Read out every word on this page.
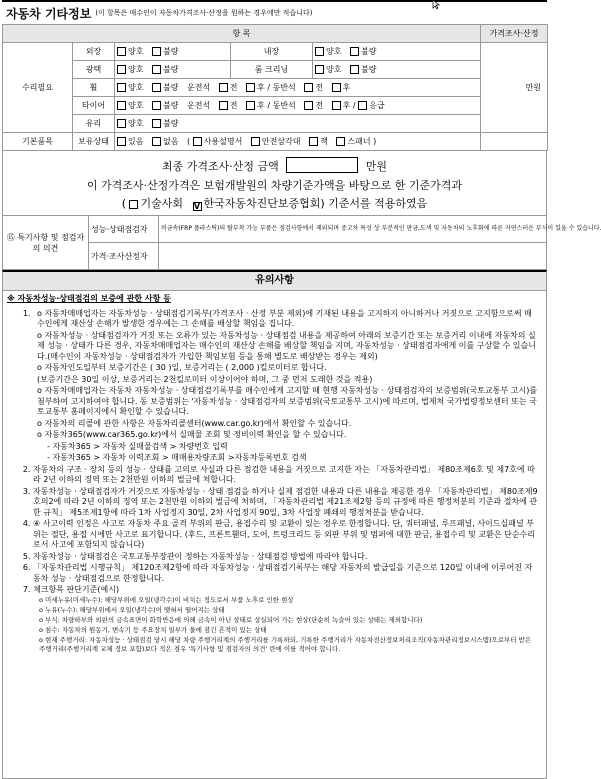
자동차 기타정보 (이 항목은 매수인이 자동차가격조사·산정을 원하는 경우에만 적습니다)
항 목					가격조사·산정
수리필요	외장	양호 불량	내장	양호 불량	만원
	광택	양호 불량	룸 크리닝	양호 불량	
	휠	양호 불량 운전석 전 후 / 동반석 전 후			
	타이어	양호 불량 운전석 전 후 / 동반석 전 후 / 응급			
	유리	양호 불량			
기본품목	보유상태	있음 없음 ( 사용설명서 안전삼각대 잭 스패너 )			
최종 가격조사·산정 금액	만원
이 가격조사·산정가격은 보험개발원의 차량기준가액을 바탕으로 한 기준가격과
( 기술사회 V 한국자동차진단보증협회) 기준서를 적용하였음
⑮ 특기사항 및 점검자의 의견	성능·상태점검자	비금속(FRP 플라스틱)의 탈부착 가능 부품은 점검사항에서 제외되며 중고차 특성 상 부분적인 판금,도색 및 자동차의 노후화에 따른 자연스러운 부식이 있을 수 있습니다.
	가격·조사산정자	
유의사항
※ 자동차성능·상태점검의 보증에 관한 사항 등
o 1. 자동차매매업자는 자동차성능 · 상태점검기록부(가격조사 · 산정 부분 제외)에 기재된 내용을 고지하지 아니하거나 거짓으로 고지함으로써 매수인에게 재산상 손해가 발생한 경우에는 그 손해를 배상할 책임을 집니다.
o 자동차성능 · 상태점검자가 거짓 또는 오류가 있는 자동차성능 · 상태점검 내용을 제공하여 아래의 보증기간 또는 보증거리 이내에 자동차의 실제 성능 · 상태가 다른 경우, 자동차매매업자는 매수인의 재산상 손해를 배상할 책임을 지며, 자동차성능 · 상태점검자에게 이를 구상할 수 있습니다.(매수인이 자동차성능 · 상태점검자가 가입한 책임보험 등을 통해 별도로 배상받는 경우는 제외)
o 자동차인도일부터 보증기간은 ( 30 )일, 보증거리는 ( 2,000 )킬로미터로 합니다.
(보증기간은 30일 이상, 보증거리는 2천킬로미터 이상이어야 하며, 그 중 먼저 도래한 것을 적용)
o 자동차매매업자는 자동차 자동차성능 · 상태점검기록부를 매수인에게 고지할 때 현행 자동차성능 · 상태점검자의 보증범위(국토교통부 고시)를 첨부하여 고지하여야 합니다. 동 보증범위는 '자동차성능 · 상태점검자의 보증범위(국토교통부 고시)에 따르며, 법제처 국가법령정보센터 또는 국토교통부 홈페이지에서 확인할 수 있습니다.
o 자동차의 리콜에 관한 사항은 자동차리콜센터(www.car.go.kr)에서 확인할 수 있습니다.
o 자동차365(www.car365.go.kr)에서 실매물 조회 및 정비이력 확인을 할 수 있습니다.
- 자동차365 > 자동차 실매물검색 > 차량번호 입력
- 자동차365 > 자동차 이력조회 > 매매용차량조회 >자동차등록번호 검색
2. 자동차의 구조 · 장치 등의 성능 · 상태를 고의로 사실과 다른 점검한 내용을 거짓으로 고지한 자는 「자동차관리법」 제80조제6호 및 제7호에 따라 2년 이하의 징역 또는 2천만원 이하의 벌금에 처합니다.
3. 자동차성능 · 상태점검자가 거짓으로 자동차성능 · 상태 점검을 하거나 실제 점검한 내용과 다른 내용을 제공한 경우 「자동차관리법」 제80조제9호의2에 따라 2년 이하의 징역 또는 2천만원 이하의 벌금에 처하며, 「자동차관리법 제21조제2항 등의 규정에 따른 행정처분의 기준과 절차에 관한 규칙」 제5조제1항에 따라 1차 사업정지 30일, 2차 사업정지 90일, 3차 사업장 폐쇄의 행정처분을 받습니다.
4. ④ 사고이력 인정은 사고로 자동차 주요 골격 부위의 판금, 용접수리 및 교환이 있는 경우로 한정합니다. 단, 쿼터패널, 루프패널, 사이드실패널 부위는 절단, 용접 시에만 사고로 표기합니다. (후드, 프론트휀더, 도어, 트렁크리드 등 외판 부위 및 범퍼에 대한 판금, 용접수리 및 교환은 단순수리로서 사고에 포함되지 않습니다)
5. 자동차성능 · 상태점검은 국토교통부장관이 정하는 자동차성능 · 상태점검 방법에 따라야 합니다.
6. 「자동차관리법 시행규칙」 제120조제2항에 따라 자동차성능 · 상태점검기록부는 해당 자동차의 발급일을 기준으로 120일 이내에 이루어진 자동차 성능 · 상태점검으로 한정합니다.
7. 체크항목 판단기준(예시)
o 미세누유(미세누수): 해당부위에 오일(냉각수)이 비치는 정도로서 부품 노후로 인한 현상
o 누유(누수): 해당부위에서 오일(냉각수)이 맺혀서 떨어지는 상태
o 부식: 차량하부와 외판의 금속표면이 화학반응에 의해 금속이 아닌 상태로 상실되어 가는 현상(단순히 녹슬어 있는 상태는 제외합니다)
o 침수: 자동차의 원동기, 변속기 등 주요장치 일부가 물에 잠긴 흔적이 있는 상태
o 현재 주행거리: 자동차성능 · 상태점검 당시 해당 차량 주행거리계의 주행거리를 기록하되, 기록한 주행거리가 자동차전산정보처리조직(자동차관리정보시스템)으로부터 받은 주행거리(주행거리계 교체 정보 포함)보다 적은 경우 '특기사항 및 점검자의 의견' 란에 이를 적어야 합니다.
